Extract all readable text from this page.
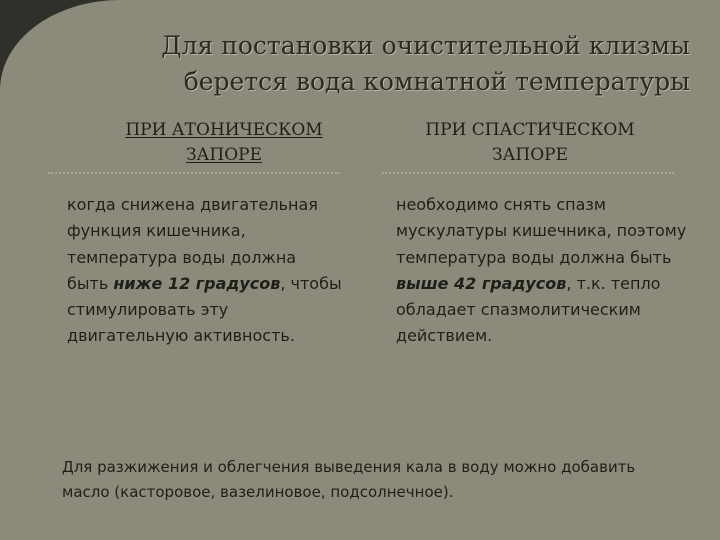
Для постановки очистительной клизмы
берется вода комнатной температуры
ПРИ АТОНИЧЕСКОМ
ЗАПОРЕ
ПРИ СПАСТИЧЕСКОМ
ЗАПОРЕ

когда снижена двигательная функция кишечника, температура воды должна быть ниже 12 градусов, чтобы стимулировать эту двигательную активность.

необходимо снять спазм мускулатуры кишечника, поэтому температура воды должна быть выше 42 градусов, т.к. тепло обладает спазмолитическим действием.

Для разжижения и облегчения выведения кала в воду можно добавить масло (касторовое, вазелиновое, подсолнечное).
